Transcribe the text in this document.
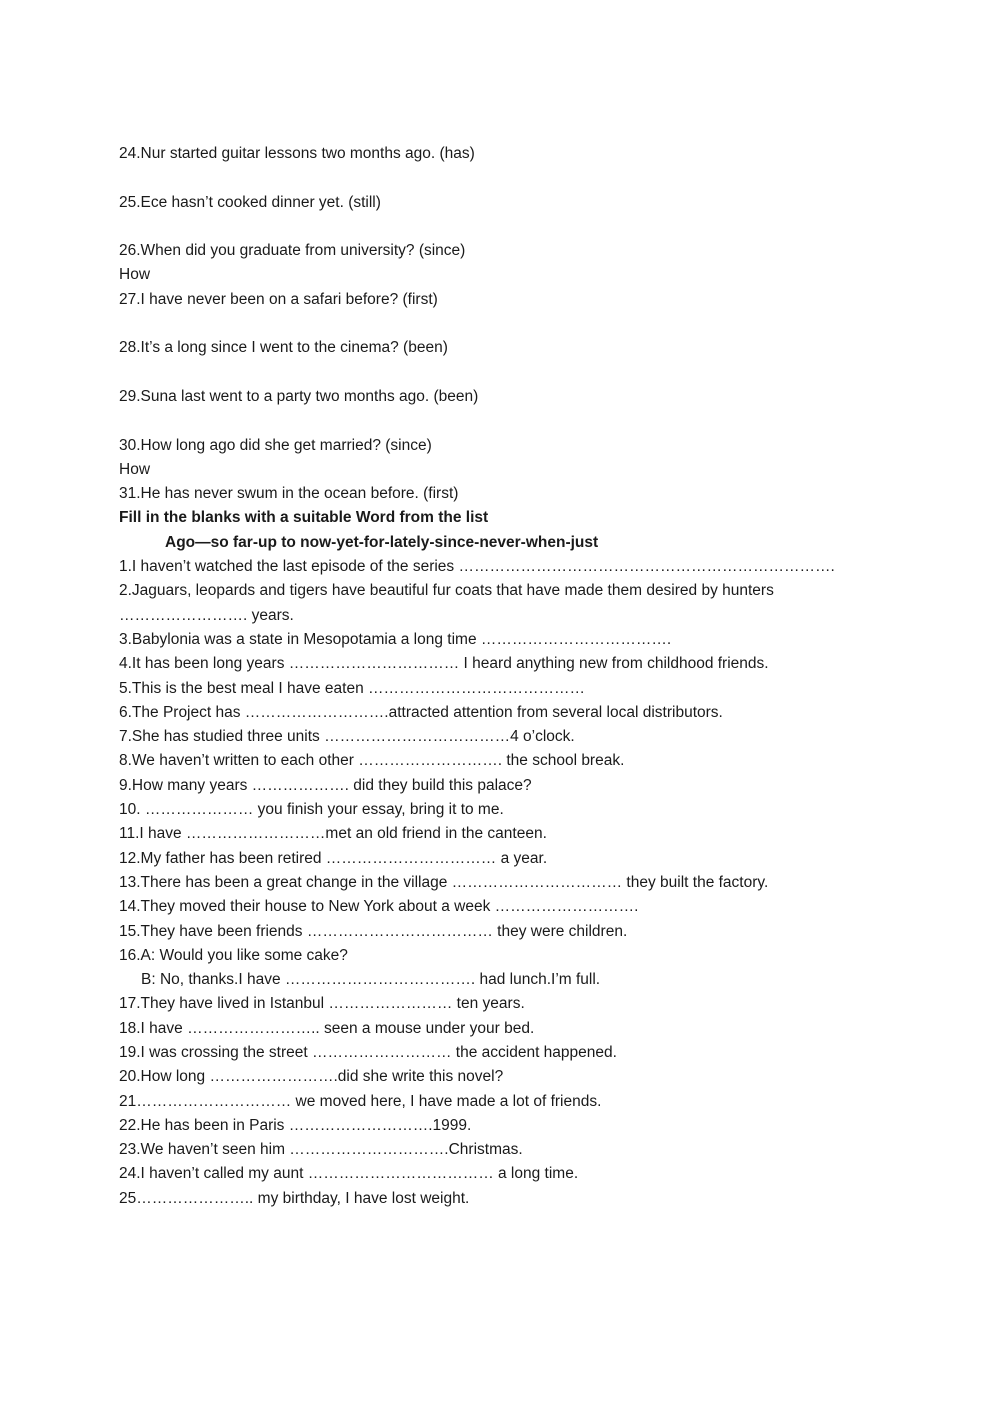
24.Nur started guitar lessons two months ago. (has)
25.Ece hasn’t cooked dinner yet. (still)
26.When did you graduate from university? (since)
How
27.I have never been on a safari before? (first)
28.It’s a long since I went to the cinema? (been)
29.Suna last went to a party two months ago. (been)
30.How long ago did she get married? (since)
How
31.He has never swum in the ocean before. (first)
Fill in the blanks with a suitable Word from the list
Ago—so far-up to now-yet-for-lately-since-never-when-just
1.I haven’t watched the last episode of the series ……………………………………………………………….
2.Jaguars, leopards and tigers have beautiful fur coats that have made them desired by hunters
……………………. years.
3.Babylonia was a state in Mesopotamia a long time ……………………………….
4.It has been long years …………………………… I heard anything new from childhood friends.
5.This is the best meal I have eaten ……………………………………
6.The Project has ……………………….attracted attention from several local distributors.
7.She has studied three units ………………………………4 o’clock.
8.We haven’t written to each other ………………………. the school break.
9.How many years ………………. did they build this palace?
10. ………………… you finish your essay, bring it to me.
11.I have ………………………met an old friend in the canteen.
12.My father has been retired …………………………… a year.
13.There has been a great change in the village …………………………… they built the factory.
14.They moved their house to New York about a week ……………………….
15.They have been friends ……………………………… they were children.
16.A: Would you like some cake?
B: No, thanks.I have ………………………………. had lunch.I’m full.
17.They have lived in Istanbul …………………… ten years.
18.I have …………………….. seen a mouse under your bed.
19.I was crossing the street ……………………… the accident happened.
20.How long …………………….did she write this novel?
21………………………… we moved here, I have made a lot of friends.
22.He has been in Paris ……………………….1999.
23.We haven’t seen him ………………………….Christmas.
24.I haven’t called my aunt ……………………………… a long time.
25………………….. my birthday, I have lost weight.
